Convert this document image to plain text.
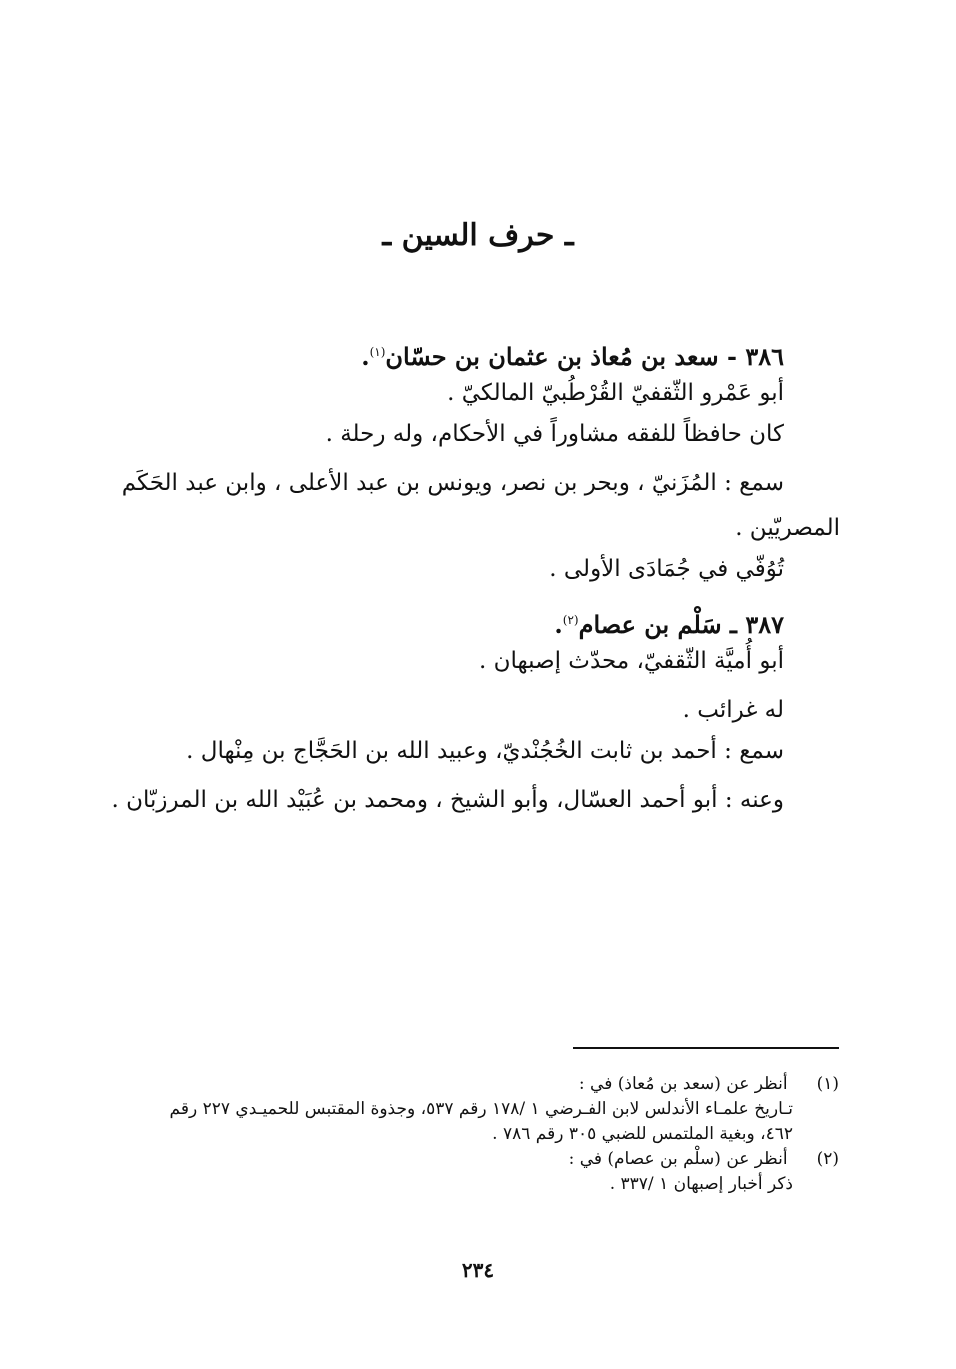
ـ حرف السين ـ
٣٨٦ - سعد بن مُعاذ بن عثمان بن حسّان$^{(١)}$.
أبو عَمْرو الثّقفيّ القُرْطُبيّ المالكيّ .
كان حافظاً للفقه مشاوراً في الأحكام، وله رحلة .
سمع : المُزَنيّ ، وبحر بن نصر، ويونس بن عبد الأعلى ، وابن عبد الحَكَم
المصريّين .
تُوُفّي في جُمَادَى الأولى .
٣٨٧ ـ سَلْم بن عصام$^{(٢)}$.
أبو أُميَّة الثّقفيّ، محدّث إصبهان .
له غرائب .
سمع : أحمد بن ثابت الخُجُنْديّ، وعبيد الله بن الحَجَّاج بن مِنْهال .
وعنه : أبو أحمد العسّال، وأبو الشيخ ، ومحمد بن عُبَيْد الله بن المرزبّان .
(١) أنظر عن (سعد بن مُعاذ) في :
تـاريخ علمـاء الأندلس لابن الفـرضي ١ /١٧٨ رقم ٥٣٧، وجذوة المقتبس للحميـدي ٢٢٧ رقم
٤٦٢، وبغية الملتمس للضبي ٣٠٥ رقم ٧٨٦ .
(٢) أنظر عن (سلْم بن عصام) في :
ذكر أخبار إصبهان ١ /٣٣٧ .
٢٣٤
